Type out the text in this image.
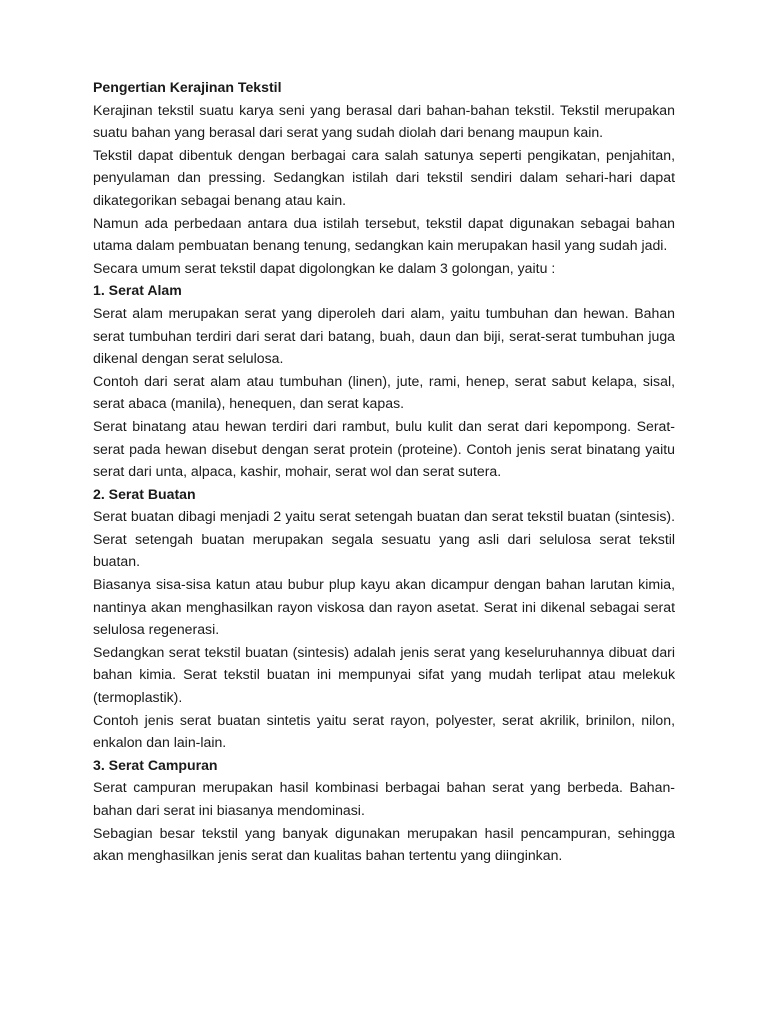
Pengertian Kerajinan Tekstil

Kerajinan tekstil suatu karya seni yang berasal dari bahan-bahan tekstil. Tekstil merupakan suatu bahan yang berasal dari serat yang sudah diolah dari benang maupun kain.

Tekstil dapat dibentuk dengan berbagai cara salah satunya seperti pengikatan, penjahitan, penyulaman dan pressing. Sedangkan istilah dari tekstil sendiri dalam sehari-hari dapat dikategorikan sebagai benang atau kain.

Namun ada perbedaan antara dua istilah tersebut, tekstil dapat digunakan sebagai bahan utama dalam pembuatan benang tenung, sedangkan kain merupakan hasil yang sudah jadi.

Secara umum serat tekstil dapat digolongkan ke dalam 3 golongan, yaitu :

1. Serat Alam

Serat alam merupakan serat yang diperoleh dari alam, yaitu tumbuhan dan hewan. Bahan serat tumbuhan terdiri dari serat dari batang, buah, daun dan biji, serat-serat tumbuhan juga dikenal dengan serat selulosa.

Contoh dari serat alam atau tumbuhan (linen), jute, rami, henep, serat sabut kelapa, sisal, serat abaca (manila), henequen, dan serat kapas.

Serat binatang atau hewan terdiri dari rambut, bulu kulit dan serat dari kepompong. Serat-serat pada hewan disebut dengan serat protein (proteine). Contoh jenis serat binatang yaitu serat dari unta, alpaca, kashir, mohair, serat wol dan serat sutera.

2. Serat Buatan

Serat buatan dibagi menjadi 2 yaitu serat setengah buatan dan serat tekstil buatan (sintesis). Serat setengah buatan merupakan segala sesuatu yang asli dari selulosa serat tekstil buatan.

Biasanya sisa-sisa katun atau bubur plup kayu akan dicampur dengan bahan larutan kimia, nantinya akan menghasilkan rayon viskosa dan rayon asetat. Serat ini dikenal sebagai serat selulosa regenerasi.

Sedangkan serat tekstil buatan (sintesis) adalah jenis serat yang keseluruhannya dibuat dari bahan kimia. Serat tekstil buatan ini mempunyai sifat yang mudah terlipat atau melekuk (termoplastik).

Contoh jenis serat buatan sintetis yaitu serat rayon, polyester, serat akrilik, brinilon, nilon, enkalon dan lain-lain.

3. Serat Campuran

Serat campuran merupakan hasil kombinasi berbagai bahan serat yang berbeda. Bahan-bahan dari serat ini biasanya mendominasi.

Sebagian besar tekstil yang banyak digunakan merupakan hasil pencampuran, sehingga akan menghasilkan jenis serat dan kualitas bahan tertentu yang diinginkan.
